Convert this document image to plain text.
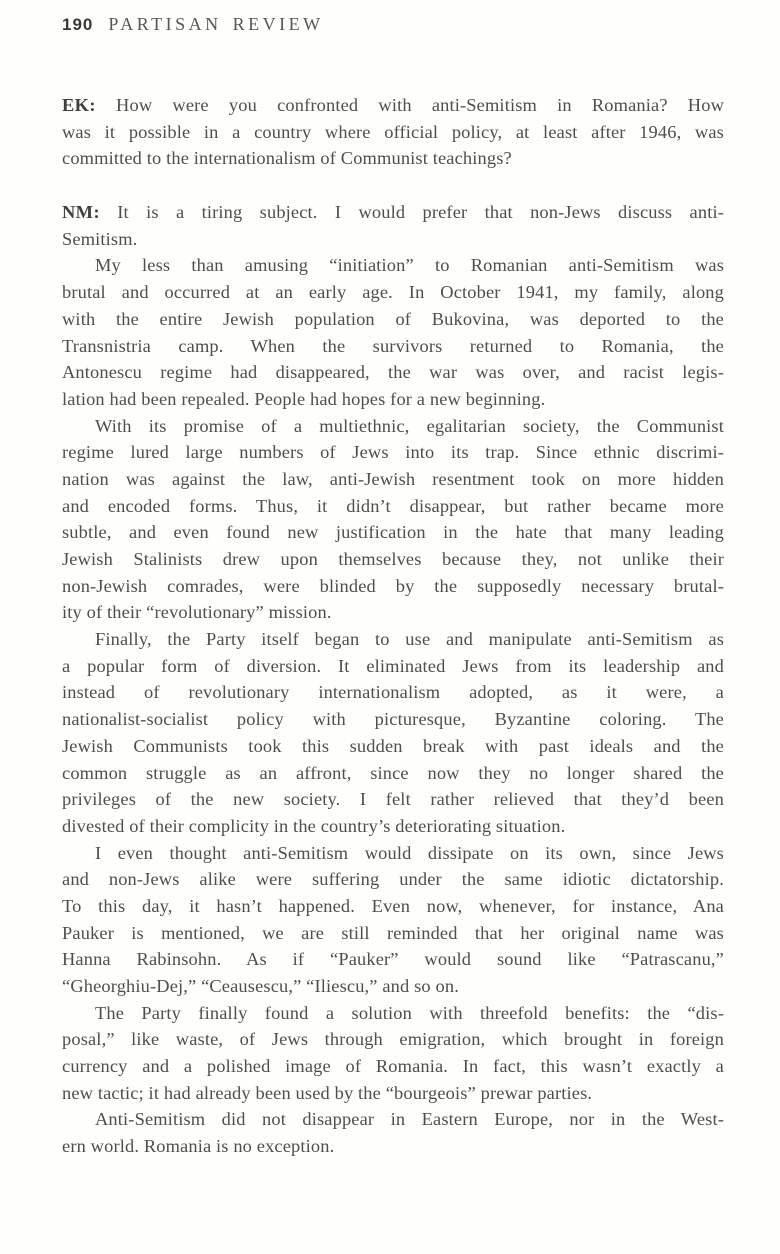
190 PARTISAN REVIEW
EK: How were you confronted with anti-Semitism in Romania? How
was it possible in a country where official policy, at least after 1946, was
committed to the internationalism of Communist teachings?
NM: It is a tiring subject. I would prefer that non-Jews discuss anti-
Semitism.
My less than amusing “initiation” to Romanian anti-Semitism was
brutal and occurred at an early age. In October 1941, my family, along
with the entire Jewish population of Bukovina, was deported to the
Transnistria camp. When the survivors returned to Romania, the
Antonescu regime had disappeared, the war was over, and racist legis-
lation had been repealed. People had hopes for a new beginning.
With its promise of a multiethnic, egalitarian society, the Communist
regime lured large numbers of Jews into its trap. Since ethnic discrimi-
nation was against the law, anti-Jewish resentment took on more hidden
and encoded forms. Thus, it didn’t disappear, but rather became more
subtle, and even found new justification in the hate that many leading
Jewish Stalinists drew upon themselves because they, not unlike their
non-Jewish comrades, were blinded by the supposedly necessary brutal-
ity of their “revolutionary” mission.
Finally, the Party itself began to use and manipulate anti-Semitism as
a popular form of diversion. It eliminated Jews from its leadership and
instead of revolutionary internationalism adopted, as it were, a
nationalist-socialist policy with picturesque, Byzantine coloring. The
Jewish Communists took this sudden break with past ideals and the
common struggle as an affront, since now they no longer shared the
privileges of the new society. I felt rather relieved that they’d been
divested of their complicity in the country’s deteriorating situation.
I even thought anti-Semitism would dissipate on its own, since Jews
and non-Jews alike were suffering under the same idiotic dictatorship.
To this day, it hasn’t happened. Even now, whenever, for instance, Ana
Pauker is mentioned, we are still reminded that her original name was
Hanna Rabinsohn. As if “Pauker” would sound like “Patrascanu,”
“Gheorghiu-Dej,” “Ceausescu,” “Iliescu,” and so on.
The Party finally found a solution with threefold benefits: the “dis-
posal,” like waste, of Jews through emigration, which brought in foreign
currency and a polished image of Romania. In fact, this wasn’t exactly a
new tactic; it had already been used by the “bourgeois” prewar parties.
Anti-Semitism did not disappear in Eastern Europe, nor in the West-
ern world. Romania is no exception.
